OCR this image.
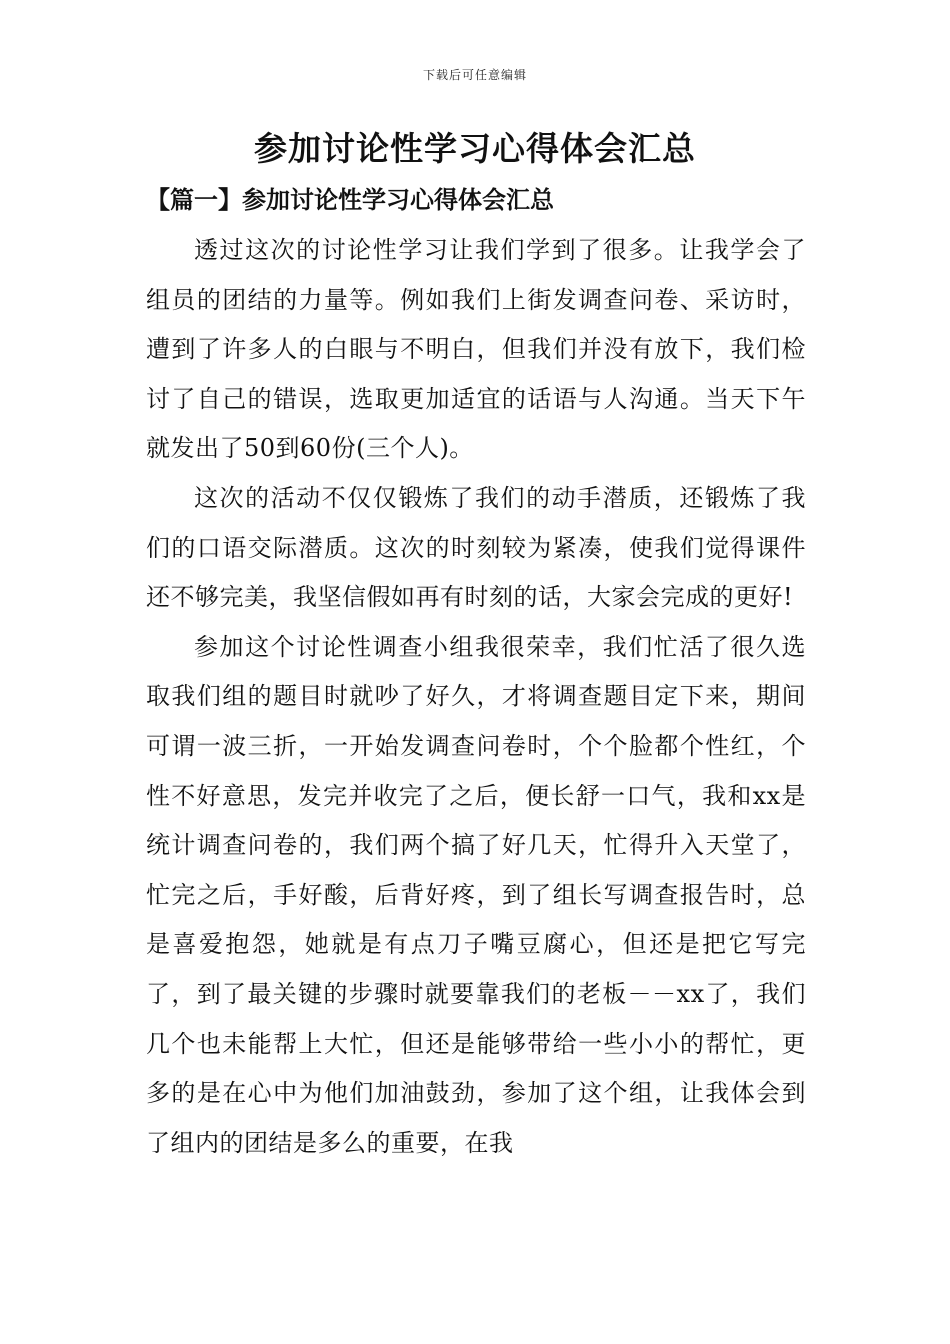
下载后可任意编辑
参加讨论性学习心得体会汇总
【篇一】参加讨论性学习心得体会汇总

透过这次的讨论性学习让我们学到了很多。让我学会了组员的团结的力量等。例如我们上街发调查问卷、采访时，遭到了许多人的白眼与不明白，但我们并没有放下，我们检讨了自己的错误，选取更加适宜的话语与人沟通。当天下午就发出了50到60份(三个人)。

这次的活动不仅仅锻炼了我们的动手潜质，还锻炼了我们的口语交际潜质。这次的时刻较为紧凑，使我们觉得课件还不够完美，我坚信假如再有时刻的话，大家会完成的更好!

参加这个讨论性调查小组我很荣幸，我们忙活了很久选取我们组的题目时就吵了好久，才将调查题目定下来，期间可谓一波三折，一开始发调查问卷时，个个脸都个性红，个性不好意思，发完并收完了之后，便长舒一口气，我和xx是统计调查问卷的，我们两个搞了好几天，忙得升入天堂了，忙完之后，手好酸，后背好疼，到了组长写调查报告时，总是喜爱抱怨，她就是有点刀子嘴豆腐心，但还是把它写完了，到了最关键的步骤时就要靠我们的老板－－xx了，我们几个也未能帮上大忙，但还是能够带给一些小小的帮忙，更多的是在心中为他们加油鼓劲，参加了这个组，让我体会到了组内的团结是多么的重要，在我
